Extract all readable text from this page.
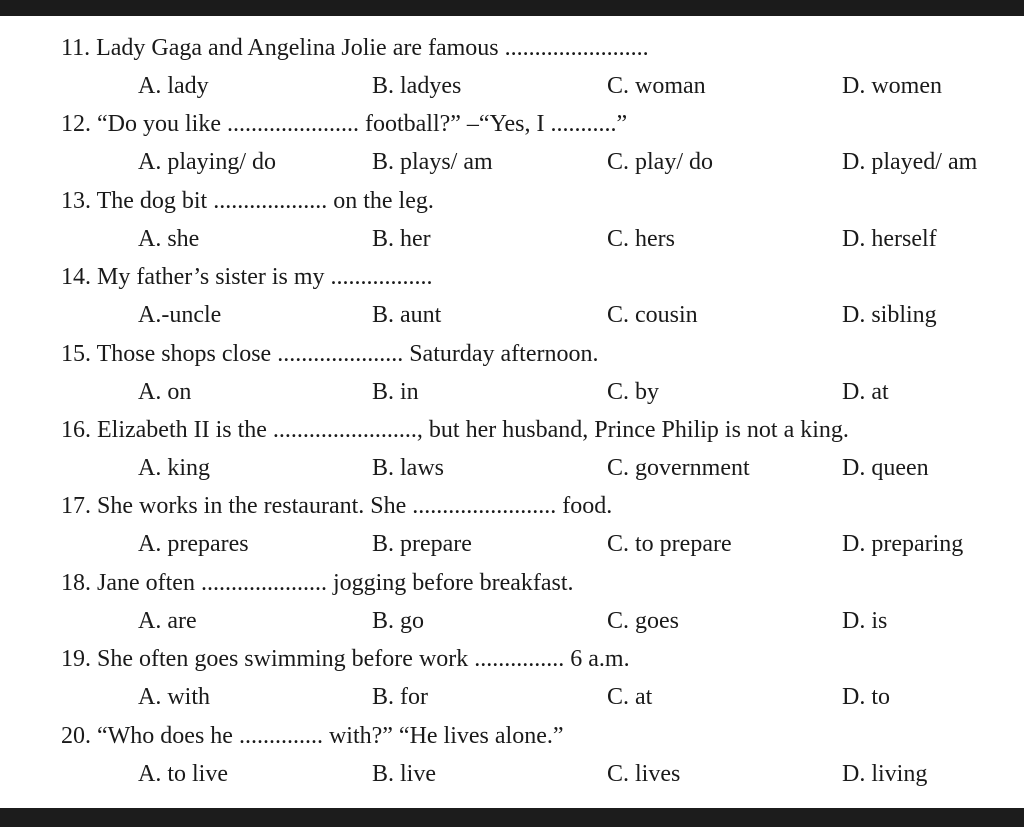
11. Lady Gaga and Angelina Jolie are famous ........................
A. lady	B. ladyes	C. woman	D. women
12. “Do you like ...................... football?” –“Yes, I ...........”
A. playing/ do	B. plays/ am	C. play/ do	D. played/ am
13. The dog bit ................... on the leg.
A. she	B. her	C. hers	D. herself
14. My father’s sister is my .................
A.-uncle	B. aunt	C. cousin	D. sibling
15. Those shops close ..................... Saturday afternoon.
A. on	B. in	C. by	D. at
16. Elizabeth II is the ........................, but her husband, Prince Philip is not a king.
A. king	B. laws	C. government	D. queen
17. She works in the restaurant. She ........................ food.
A. prepares	B. prepare	C. to prepare	D. preparing
18. Jane often ..................... jogging before breakfast.
A. are	B. go	C. goes	D. is
19. She often goes swimming before work ............... 6 a.m.
A. with	B. for	C. at	D. to
20. “Who does he .............. with?” “He lives alone.”
A. to live	B. live	C. lives	D. living
